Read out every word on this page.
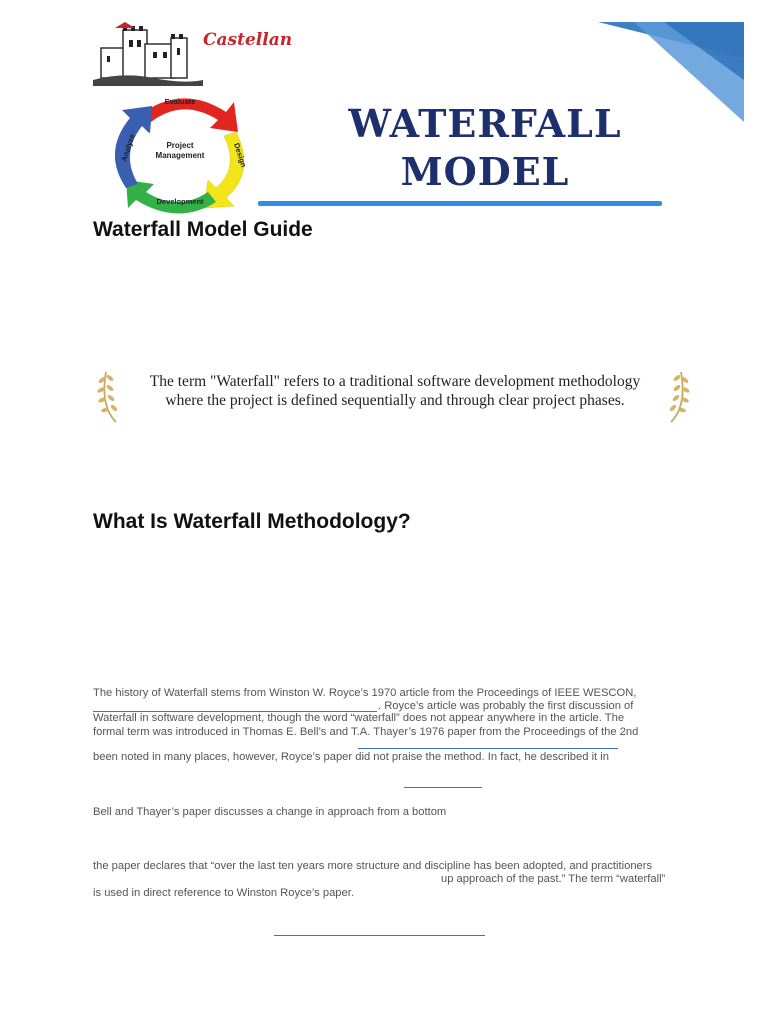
Castellan
Project
Management
Evaluate
Development
Design
Analyze
WATERFALL
MODEL
Waterfall Model Guide
The term "Waterfall" refers to a traditional software development methodology
where the project is defined sequentially and through clear project phases.
What Is Waterfall Methodology?
The history of Waterfall stems from Winston W. Royce’s 1970 article from the Proceedings of IEEE WESCON,
. Royce’s article was probably the first discussion of
Waterfall in software development, though the word “waterfall” does not appear anywhere in the article. The
formal term was introduced in Thomas E. Bell’s and T.A. Thayer’s 1976 paper from the Proceedings of the 2nd
been noted in many places, however, Royce’s paper did not praise the method. In fact, he described it in
Bell and Thayer’s paper discusses a change in approach from a bottom
the paper declares that “over the last ten years more structure and discipline has been adopted, and practitioners
up approach of the past.” The term “waterfall”
is used in direct reference to Winston Royce’s paper.
